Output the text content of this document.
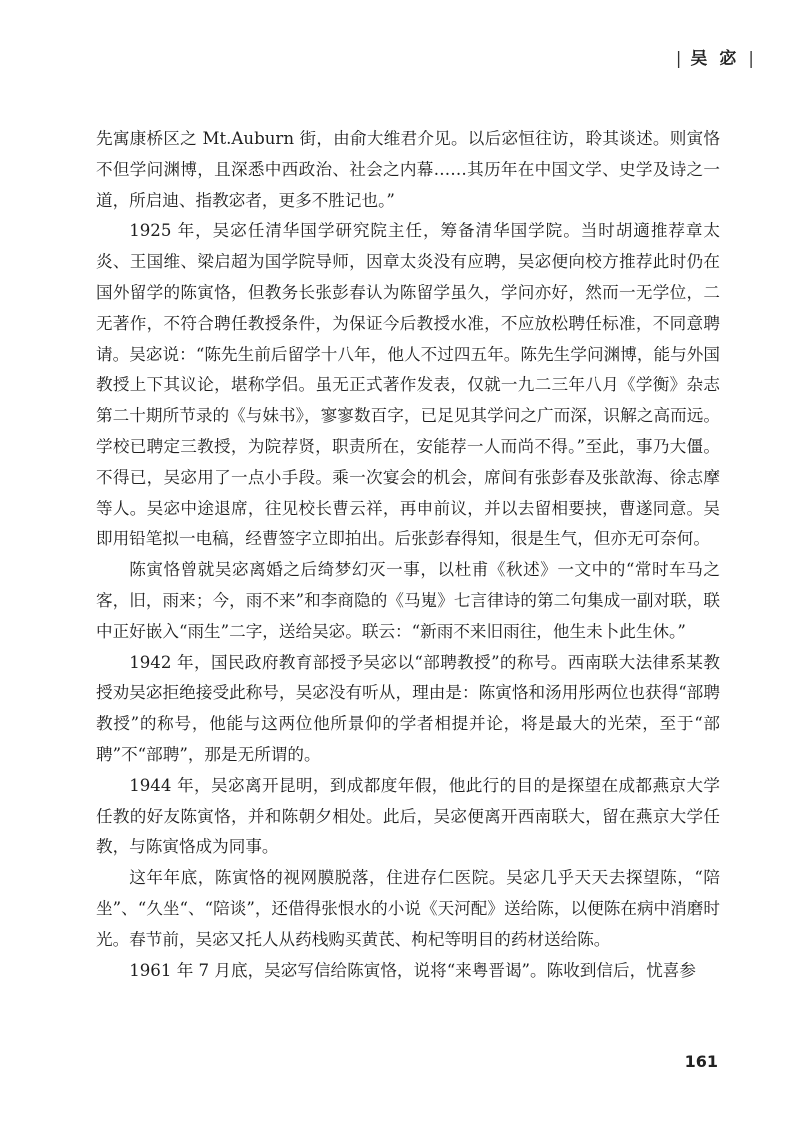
| 吴 宓 |

先寓康桥区之 Mt.Auburn 街，由俞大维君介见。以后宓恒往访，聆其谈述。则寅恪不但学问渊博，且深悉中西政治、社会之内幕……其历年在中国文学、史学及诗之一道，所启迪、指教宓者，更多不胜记也。”

1925 年，吴宓任清华国学研究院主任，筹备清华国学院。当时胡適推荐章太炎、王国维、梁启超为国学院导师，因章太炎没有应聘，吴宓便向校方推荐此时仍在国外留学的陈寅恪，但教务长张彭春认为陈留学虽久，学问亦好，然而一无学位，二无著作，不符合聘任教授条件，为保证今后教授水准，不应放松聘任标准，不同意聘请。吴宓说：“陈先生前后留学十八年，他人不过四五年。陈先生学问渊博，能与外国教授上下其议论，堪称学侣。虽无正式著作发表，仅就一九二三年八月《学衡》杂志第二十期所节录的《与妹书》，寥寥数百字，已足见其学问之广而深，识解之高而远。学校已聘定三教授，为院荐贤，职责所在，安能荐一人而尚不得。”至此，事乃大僵。不得已，吴宓用了一点小手段。乘一次宴会的机会，席间有张彭春及张歆海、徐志摩等人。吴宓中途退席，往见校长曹云祥，再申前议，并以去留相要挟，曹遂同意。吴即用铅笔拟一电稿，经曹签字立即拍出。后张彭春得知，很是生气，但亦无可奈何。

陈寅恪曾就吴宓离婚之后绮梦幻灭一事，以杜甫《秋述》一文中的“常时车马之客，旧，雨来；今，雨不来”和李商隐的《马嵬》七言律诗的第二句集成一副对联，联中正好嵌入“雨生”二字，送给吴宓。联云：“新雨不来旧雨往，他生未卜此生休。”

1942 年，国民政府教育部授予吴宓以“部聘教授”的称号。西南联大法律系某教授劝吴宓拒绝接受此称号，吴宓没有听从，理由是：陈寅恪和汤用彤两位也获得“部聘教授”的称号，他能与这两位他所景仰的学者相提并论，将是最大的光荣，至于“部聘”不“部聘”，那是无所谓的。

1944 年，吴宓离开昆明，到成都度年假，他此行的目的是探望在成都燕京大学任教的好友陈寅恪，并和陈朝夕相处。此后，吴宓便离开西南联大，留在燕京大学任教，与陈寅恪成为同事。

这年年底，陈寅恪的视网膜脱落，住进存仁医院。吴宓几乎天天去探望陈，“陪坐”、“久坐“、“陪谈”，还借得张恨水的小说《天河配》送给陈，以便陈在病中消磨时光。春节前，吴宓又托人从药栈购买黄芪、枸杞等明目的药材送给陈。

1961 年 7 月底，吴宓写信给陈寅恪，说将“来粤晋谒”。陈收到信后，忧喜参

161
